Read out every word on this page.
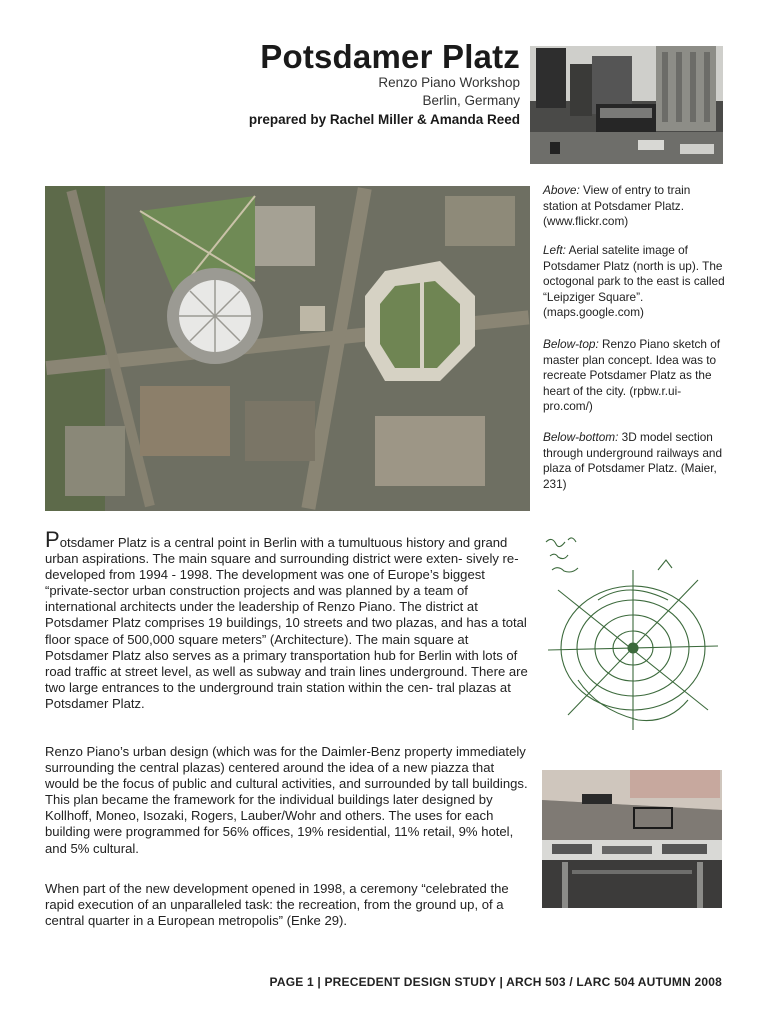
Potsdamer Platz
Renzo Piano Workshop
Berlin, Germany
prepared by Rachel Miller & Amanda Reed
Above: View of entry to train station at Potsdamer Platz. (www.flickr.com)
Left: Aerial satelite image of Potsdamer Platz (north is up). The octogonal park to the east is called “Leipziger Square”. (maps.google.com)
Below-top: Renzo Piano sketch of master plan concept. Idea was to recreate Potsdamer Platz as the heart of the city. (rpbw.r.ui-pro.com/)
Below-bottom: 3D model section through underground railways and plaza of Potsdamer Platz. (Maier, 231)
Potsdamer Platz is a central point in Berlin with a tumultuous history and grand urban aspirations. The main square and surrounding district were exten- sively re-developed from 1994 - 1998. The development was one of Europe’s biggest “private-sector urban construction projects and was planned by a team of international architects under the leadership of Renzo Piano. The district at Potsdamer Platz comprises 19 buildings, 10 streets and two plazas, and has a total floor space of 500,000 square meters” (Architecture). The main square at Potsdamer Platz also serves as a primary transportation hub for Berlin with lots of road traffic at street level, as well as subway and train lines underground. There are two large entrances to the underground train station within the cen- tral plazas at Potsdamer Platz.
Renzo Piano’s urban design (which was for the Daimler-Benz property immediately surrounding the central plazas) centered around the idea of a new piazza that would be the focus of public and cultural activities, and surrounded by tall buildings. This plan became the framework for the individual buildings later designed by Kollhoff, Moneo, Isozaki, Rogers, Lauber/Wohr and others. The uses for each building were programmed for 56% offices, 19% residential, 11% retail, 9% hotel, and 5% cultural.
When part of the new development opened in 1998, a ceremony “celebrated the rapid execution of an unparalleled task: the recreation, from the ground up, of a central quarter in a European metropolis” (Enke 29).
PAGE 1 | PRECEDENT DESIGN STUDY | ARCH 503 / LARC 504 AUTUMN 2008
